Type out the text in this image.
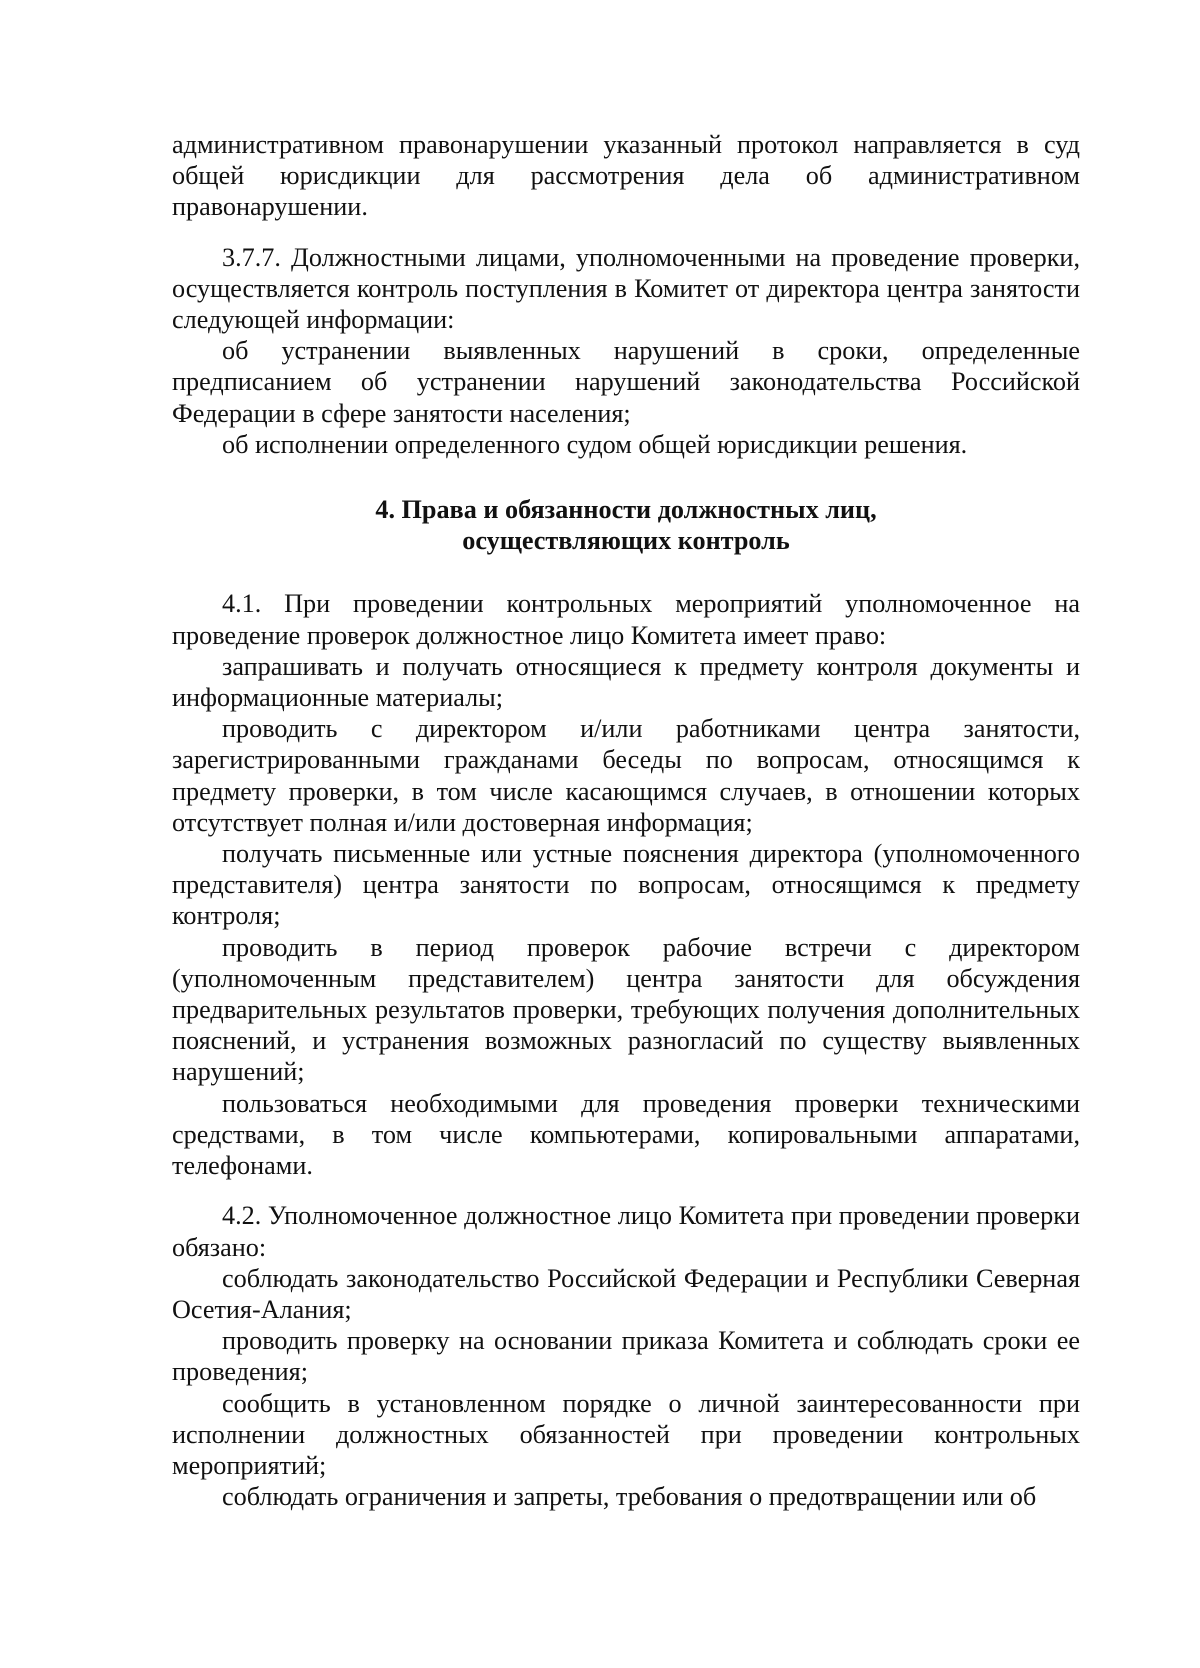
административном правонарушении указанный протокол направляется в суд общей юрисдикции для рассмотрения дела об административном правонарушении.

3.7.7. Должностными лицами, уполномоченными на проведение проверки, осуществляется контроль поступления в Комитет от директора центра занятости следующей информации:

об устранении выявленных нарушений в сроки, определенные предписанием об устранении нарушений законодательства Российской Федерации в сфере занятости населения;

об исполнении определенного судом общей юрисдикции решения.

4. Права и обязанности должностных лиц,
осуществляющих контроль

4.1. При проведении контрольных мероприятий уполномоченное на проведение проверок должностное лицо Комитета имеет право:

запрашивать и получать относящиеся к предмету контроля документы и информационные материалы;

проводить с директором и/или работниками центра занятости, зарегистрированными гражданами беседы по вопросам, относящимся к предмету проверки, в том числе касающимся случаев, в отношении которых отсутствует полная и/или достоверная информация;

получать письменные или устные пояснения директора (уполномоченного представителя) центра занятости по вопросам, относящимся к предмету контроля;

проводить в период проверок рабочие встречи с директором (уполномоченным представителем) центра занятости для обсуждения предварительных результатов проверки, требующих получения дополнительных пояснений, и устранения возможных разногласий по существу выявленных нарушений;

пользоваться необходимыми для проведения проверки техническими средствами, в том числе компьютерами, копировальными аппаратами, телефонами.

4.2. Уполномоченное должностное лицо Комитета при проведении проверки обязано:

соблюдать законодательство Российской Федерации и Республики Северная Осетия-Алания;

проводить проверку на основании приказа Комитета и соблюдать сроки ее проведения;

сообщить в установленном порядке о личной заинтересованности при исполнении должностных обязанностей при проведении контрольных мероприятий;

соблюдать ограничения и запреты, требования о предотвращении или об
